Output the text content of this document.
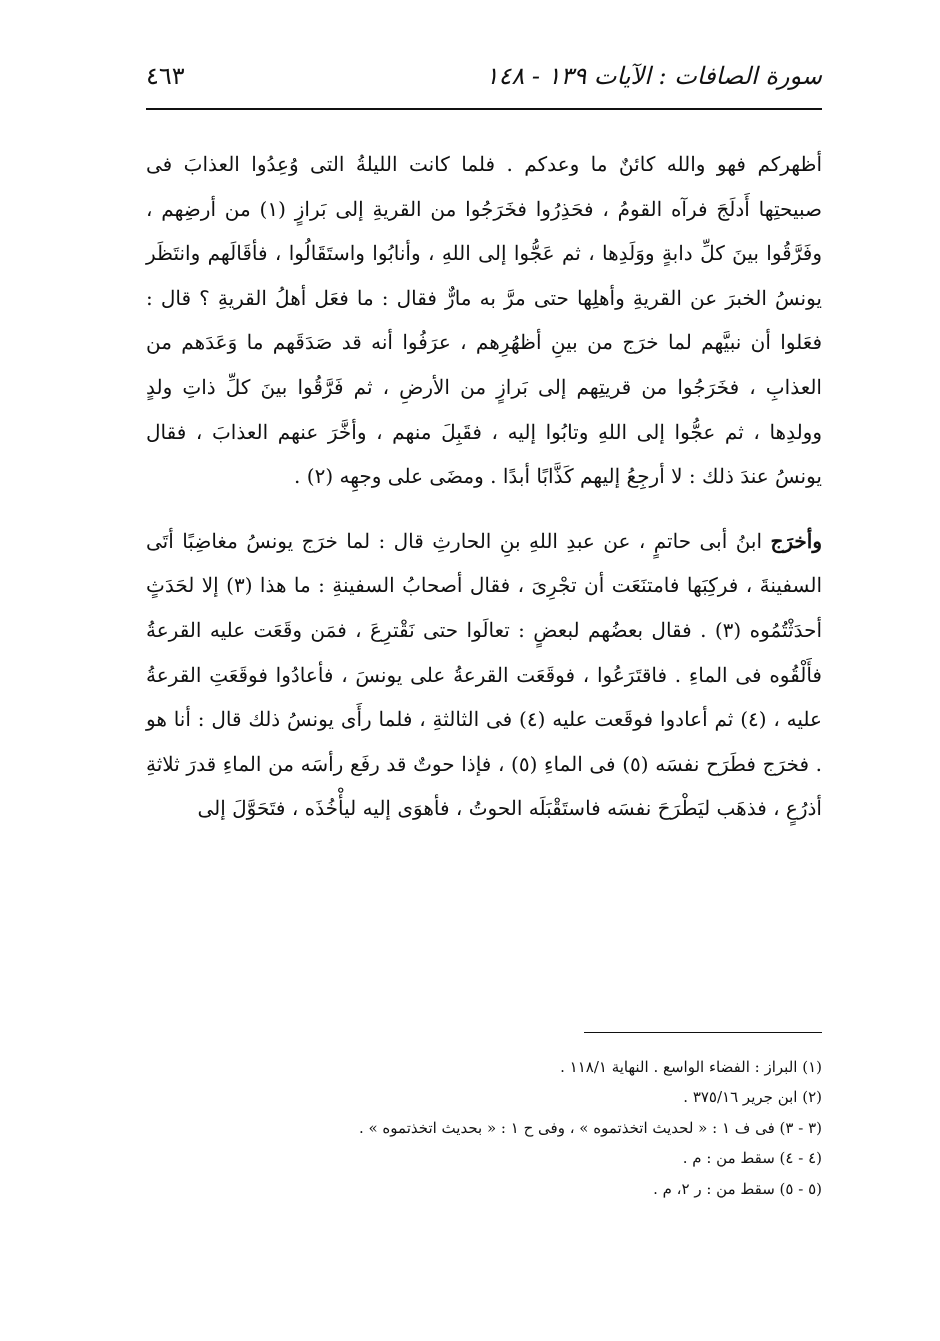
سورة الصافات : الآيات ١٣٩ - ١٤٨
٤٦٣

أظهركم فهو والله كائنٌ ما وعدكم . فلما كانت الليلةُ التى وُعِدُوا العذابَ فى صبيحتِها أَدلَجَ فرآه القومُ ، فحَذِرُوا فخَرَجُوا من القريةِ إلى بَرازٍ (١) من أرضِهم ، وفَرَّقُوا بينَ كلِّ دابةٍ ووَلَدِها ، ثم عَجُّوا إلى اللهِ ، وأنابُوا واستَقَالُوا ، فأقَالَهم وانتَظَر يونسُ الخبرَ عن القريةِ وأهلِها حتى مرَّ به مارٌّ فقال : ما فعَل أهلُ القريةِ ؟ قال : فعَلوا أن نبيَّهم لما خرَج من بينِ أظهُرِهم ، عرَفُوا أنه قد صَدَقَهم ما وَعَدَهم من العذابِ ، فخَرَجُوا من قريتِهم إلى بَرازٍ من الأرضِ ، ثم فَرَّقُوا بينَ كلِّ ذاتِ ولدٍ وولدِها ، ثم عجُّوا إلى اللهِ وتابُوا إليه ، فقَبِلَ منهم ، وأخَّرَ عنهم العذابَ ، فقال يونسُ عندَ ذلك : لا أرجِعُ إليهم كَذَّابًا أبدًا . ومضَى على وجهِه (٢) .

وأخرَج ابنُ أبى حاتمٍ ، عن عبدِ اللهِ بنِ الحارثِ قال : لما خرَج يونسُ مغاضِبًا أتَى السفينةَ ، فركِبَها فامتنَعَت أن تجْرِىَ ، فقال أصحابُ السفينةِ : ما هذا (٣) إلا لحَدَثٍ أحدَثْتُمُوه (٣) . فقال بعضُهم لبعضٍ : تعالَوا حتى نَقْترِعَ ، فمَن وقَعَت عليه القرعةُ فأَلْقُوه فى الماءِ . فاقتَرَعُوا ، فوقَعَت القرعةُ على يونسَ ، فأعادُوا فوقَعَتِ القرعةُ عليه ، (٤) ثم أعادوا فوقَعت عليه (٤) فى الثالثةِ ، فلما رأَى يونسُ ذلك قال : أنا هو . فخرَج فطَرَح نفسَه (٥) فى الماءِ (٥) ، فإذا حوتٌ قد رفَع رأسَه من الماءِ قدرَ ثلاثةِ أذرُعٍ ، فذهَب ليَطْرَحَ نفسَه فاستَقْبَلَه الحوتُ ، فأهوَى إليه ليأْخُذَه ، فتَحَوَّلَ إلى

(١) البراز : الفضاء الواسع . النهاية ١١٨/١ .
(٢) ابن جرير ٣٧٥/١٦ .
(٣ - ٣) فى ف ١ : « لحديث اتخذتموه » ، وفى ح ١ : « بحديث اتخذتموه » .
(٤ - ٤) سقط من : م .
(٥ - ٥) سقط من : ر ٢، م .
